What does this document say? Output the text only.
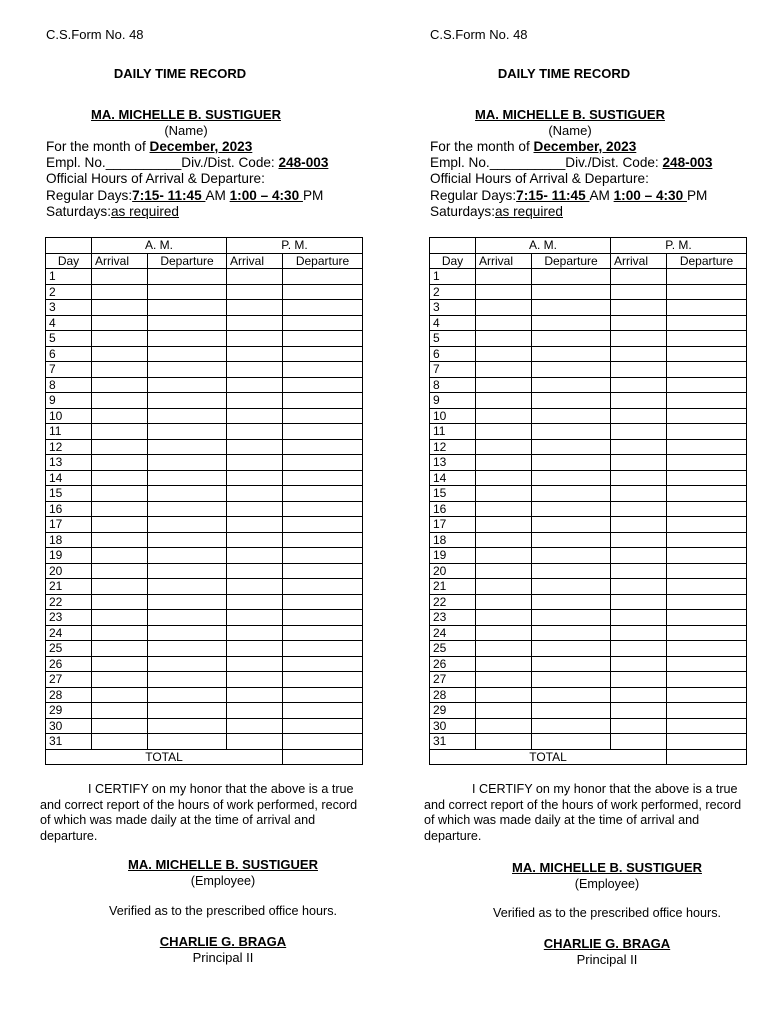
C.S.Form No. 48
DAILY TIME RECORD
MA. MICHELLE B. SUSTIGUER
(Name)
For the month of December, 2023
Empl. No.__________Div./Dist. Code: 248-003
Official Hours of Arrival & Departure:
Regular Days:7:15- 11:45 AM 1:00 – 4:30 PM
Saturdays:as required
	A. M.		P. M.	
Day	Arrival	Departure	Arrival	Departure
1				
2				
3				
4				
5				
6				
7				
8				
9				
10				
11				
12				
13				
14				
15				
16				
17				
18				
19				
20				
21				
22				
23				
24				
25				
26				
27				
28				
29				
30				
31				
TOTAL				
I CERTIFY on my honor that the above is a true and correct report of the hours of work performed, record of which was made daily at the time of arrival and departure.
MA. MICHELLE B. SUSTIGUER
(Employee)
Verified as to the prescribed office hours.
CHARLIE G. BRAGA
Principal II
C.S.Form No. 48
DAILY TIME RECORD
MA. MICHELLE B. SUSTIGUER
(Name)
For the month of December, 2023
Empl. No.__________Div./Dist. Code: 248-003
Official Hours of Arrival & Departure:
Regular Days:7:15- 11:45 AM 1:00 – 4:30 PM
Saturdays:as required
	A. M.		P. M.	
Day	Arrival	Departure	Arrival	Departure
1				
2				
3				
4				
5				
6				
7				
8				
9				
10				
11				
12				
13				
14				
15				
16				
17				
18				
19				
20				
21				
22				
23				
24				
25				
26				
27				
28				
29				
30				
31				
TOTAL				
I CERTIFY on my honor that the above is a true and correct report of the hours of work performed, record of which was made daily at the time of arrival and departure.
MA. MICHELLE B. SUSTIGUER
(Employee)
Verified as to the prescribed office hours.
CHARLIE G. BRAGA
Principal II
